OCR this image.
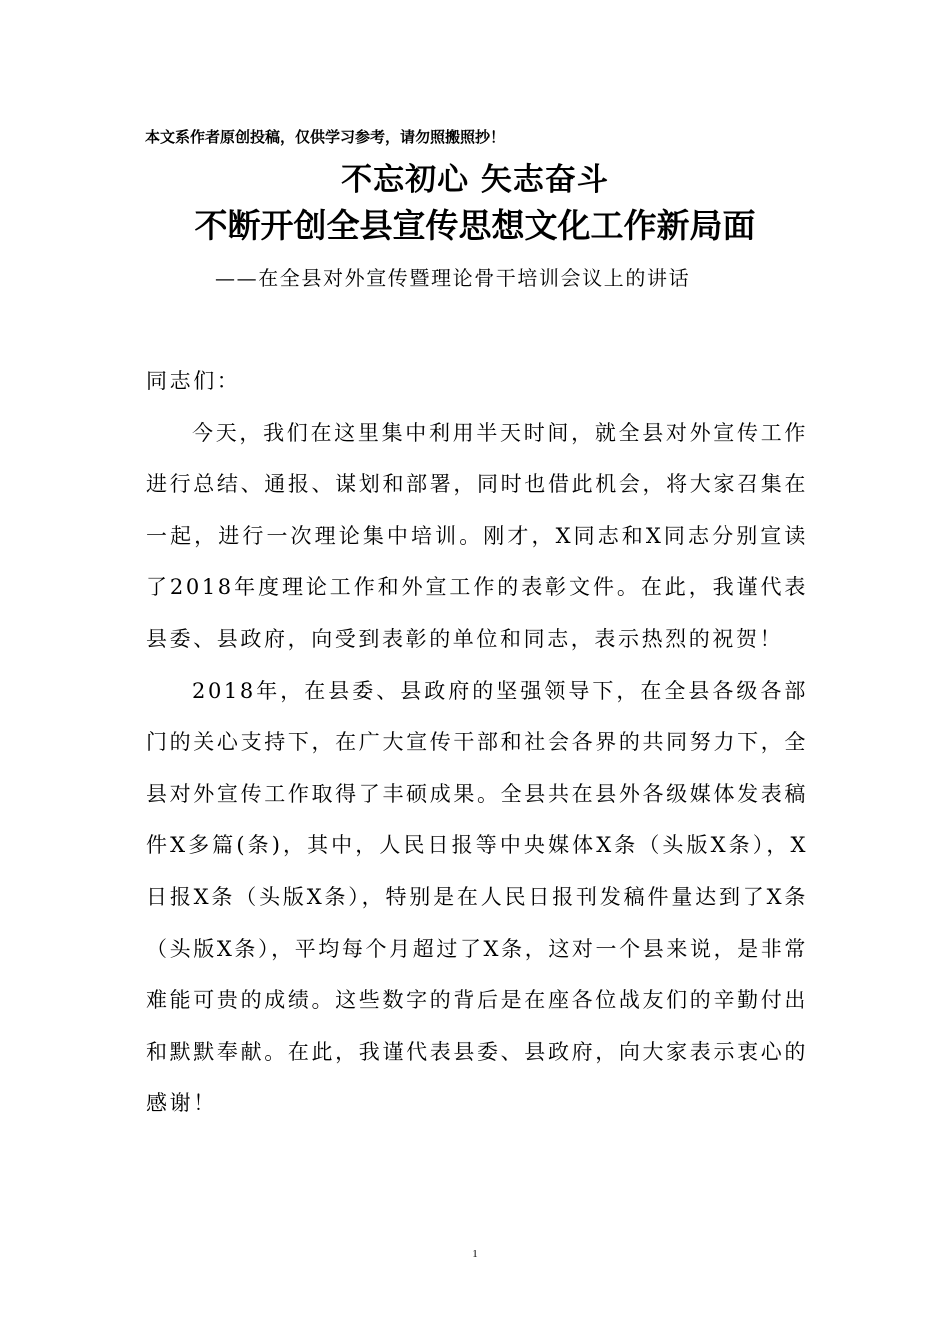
本文系作者原创投稿，仅供学习参考，请勿照搬照抄！
不忘初心 矢志奋斗
不断开创全县宣传思想文化工作新局面
——在全县对外宣传暨理论骨干培训会议上的讲话

同志们：

今天，我们在这里集中利用半天时间，就全县对外宣传工作进行总结、通报、谋划和部署，同时也借此机会，将大家召集在一起，进行一次理论集中培训。刚才，X同志和X同志分别宣读了2018年度理论工作和外宣工作的表彰文件。在此，我谨代表县委、县政府，向受到表彰的单位和同志，表示热烈的祝贺！

2018年，在县委、县政府的坚强领导下，在全县各级各部门的关心支持下，在广大宣传干部和社会各界的共同努力下，全县对外宣传工作取得了丰硕成果。全县共在县外各级媒体发表稿件X多篇(条)，其中，人民日报等中央媒体X条（头版X条），X日报X条（头版X条），特别是在人民日报刊发稿件量达到了X条（头版X条），平均每个月超过了X条，这对一个县来说，是非常难能可贵的成绩。这些数字的背后是在座各位战友们的辛勤付出和默默奉献。在此，我谨代表县委、县政府，向大家表示衷心的感谢！

1
